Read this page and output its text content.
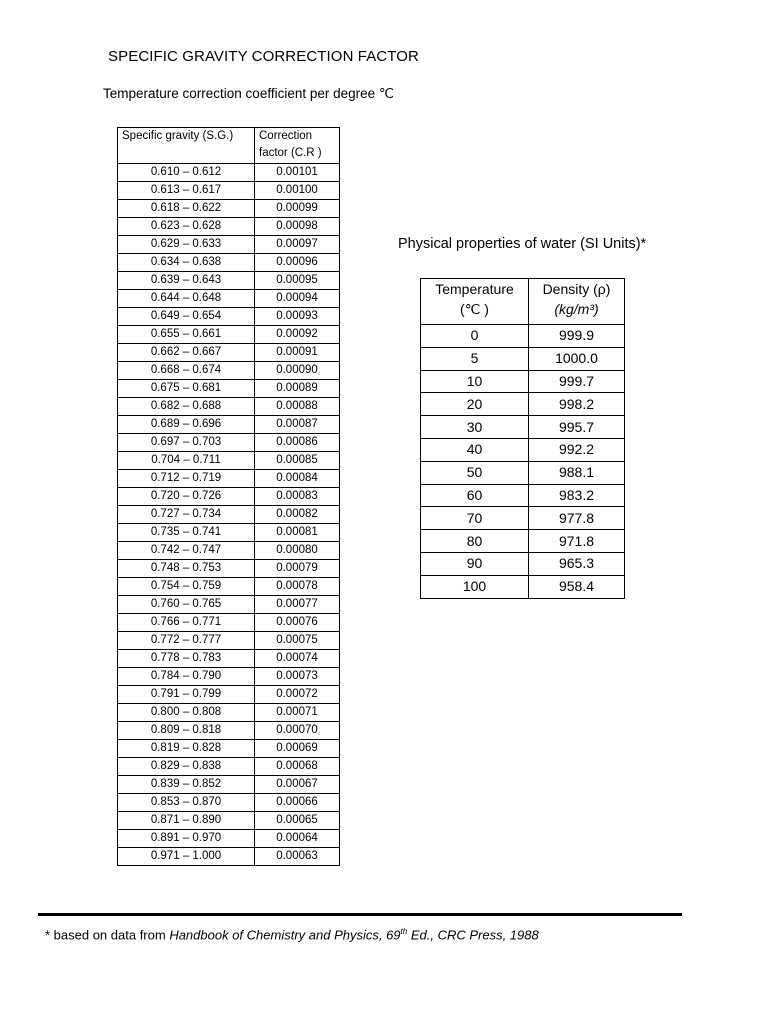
SPECIFIC GRAVITY CORRECTION FACTOR
Temperature correction coefficient per degree ℃
Specific gravity (S.G.)	Correction
factor (C.R )
0.610 – 0.612	0.00101
0.613 – 0.617	0.00100
0.618 – 0.622	0.00099
0.623 – 0.628	0.00098
0.629 – 0.633	0.00097
0.634 – 0.638	0.00096
0.639 – 0.643	0.00095
0.644 – 0.648	0.00094
0.649 – 0.654	0.00093
0.655 – 0.661	0.00092
0.662 – 0.667	0.00091
0.668 – 0.674	0.00090
0.675 – 0.681	0.00089
0.682 – 0.688	0.00088
0.689 – 0.696	0.00087
0.697 – 0.703	0.00086
0.704 – 0.711	0.00085
0.712 – 0.719	0.00084
0.720 – 0.726	0.00083
0.727 – 0.734	0.00082
0.735 – 0.741	0.00081
0.742 – 0.747	0.00080
0.748 – 0.753	0.00079
0.754 – 0.759	0.00078
0.760 – 0.765	0.00077
0.766 – 0.771	0.00076
0.772 – 0.777	0.00075
0.778 – 0.783	0.00074
0.784 – 0.790	0.00073
0.791 – 0.799	0.00072
0.800 – 0.808	0.00071
0.809 – 0.818	0.00070
0.819 – 0.828	0.00069
0.829 – 0.838	0.00068
0.839 – 0.852	0.00067
0.853 – 0.870	0.00066
0.871 – 0.890	0.00065
0.891 – 0.970	0.00064
0.971 – 1.000	0.00063
Physical properties of water (SI Units)*
Temperature
(℃ )	Density (ρ)
(kg/m³)
0	999.9
5	1000.0
10	999.7
20	998.2
30	995.7
40	992.2
50	988.1
60	983.2
70	977.8
80	971.8
90	965.3
100	958.4
* based on data from Handbook of Chemistry and Physics, 69th Ed., CRC Press, 1988
